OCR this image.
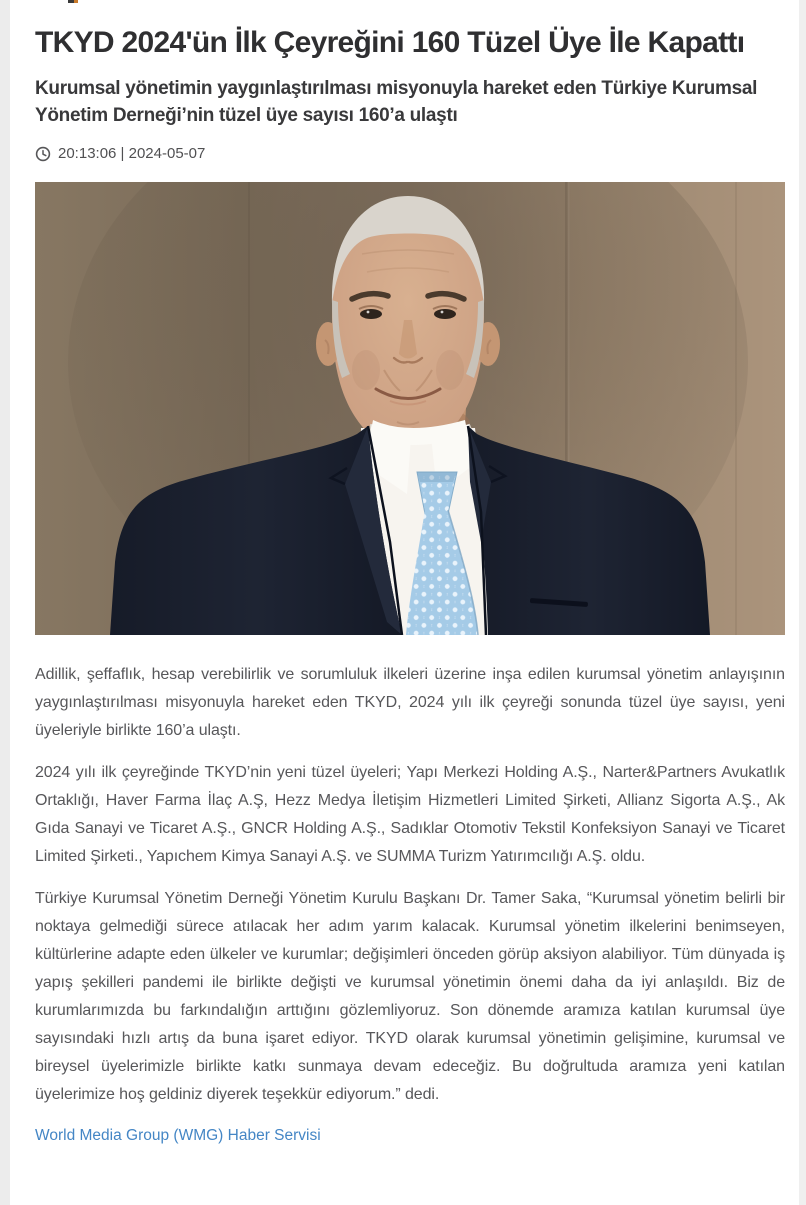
TKYD 2024'ün İlk Çeyreğini 160 Tüzel Üye İle Kapattı
Kurumsal yönetimin yaygınlaştırılması misyonuyla hareket eden Türkiye Kurumsal Yönetim Derneği’nin tüzel üye sayısı 160’a ulaştı
20:13:06 | 2024-05-07

Adillik, şeffaflık, hesap verebilirlik ve sorumluluk ilkeleri üzerine inşa edilen kurumsal yönetim anlayışının yaygınlaştırılması misyonuyla hareket eden TKYD, 2024 yılı ilk çeyreği sonunda tüzel üye sayısı, yeni üyeleriyle birlikte 160’a ulaştı.

2024 yılı ilk çeyreğinde TKYD’nin yeni tüzel üyeleri; Yapı Merkezi Holding A.Ş., Narter&Partners Avukatlık Ortaklığı, Haver Farma İlaç A.Ş, Hezz Medya İletişim Hizmetleri Limited Şirketi, Allianz Sigorta A.Ş., Ak Gıda Sanayi ve Ticaret A.Ş., GNCR Holding A.Ş., Sadıklar Otomotiv Tekstil Konfeksiyon Sanayi ve Ticaret Limited Şirketi., Yapıchem Kimya Sanayi A.Ş. ve SUMMA Turizm Yatırımcılığı A.Ş. oldu.

Türkiye Kurumsal Yönetim Derneği Yönetim Kurulu Başkanı Dr. Tamer Saka, “Kurumsal yönetim belirli bir noktaya gelmediği sürece atılacak her adım yarım kalacak. Kurumsal yönetim ilkelerini benimseyen, kültürlerine adapte eden ülkeler ve kurumlar; değişimleri önceden görüp aksiyon alabiliyor. Tüm dünyada iş yapış şekilleri pandemi ile birlikte değişti ve kurumsal yönetimin önemi daha da iyi anlaşıldı. Biz de kurumlarımızda bu farkındalığın arttığını gözlemliyoruz. Son dönemde aramıza katılan kurumsal üye sayısındaki hızlı artış da buna işaret ediyor. TKYD olarak kurumsal yönetimin gelişimine, kurumsal ve bireysel üyelerimizle birlikte katkı sunmaya devam edeceğiz. Bu doğrultuda aramıza yeni katılan üyelerimize hoş geldiniz diyerek teşekkür ediyorum.” dedi.

World Media Group (WMG) Haber Servisi
